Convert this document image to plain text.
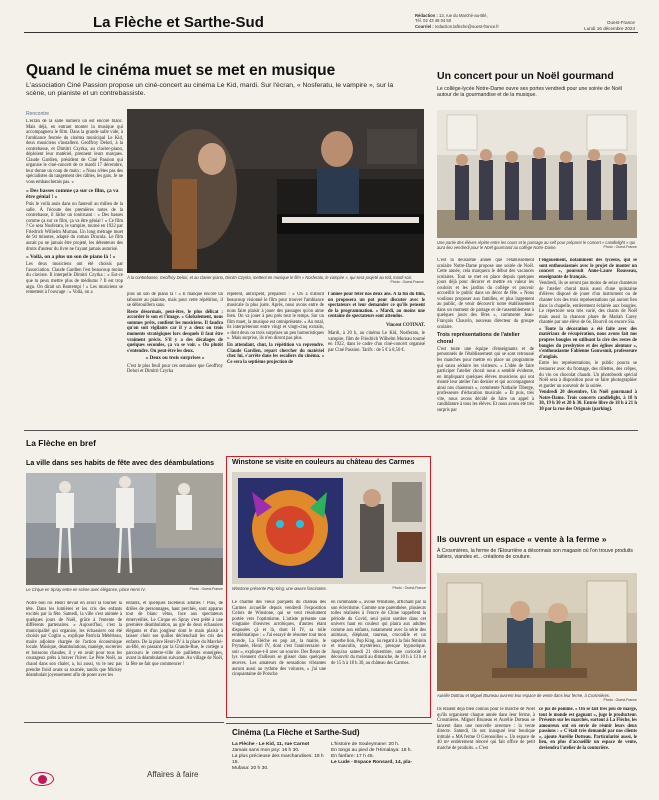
La Flèche et Sarthe-Sud	Rédaction : 13, rue du Marché-au-Blé,
Tél. 02 43 48 04 50
Courriel : redaction.lafleche@ouest-france.fr
Ouest-France
Lundi 16 décembre 2024
Quand le cinéma muet se met en musique
L'association Ciné Passion propose un ciné-concert au cinéma Le Kid, mardi. Sur l'écran, « Nosferatu, le vampire », sur la scène, un pianiste et un contrebassiste.
Rencontre

L'écran de la salle numéro un est encore blanc. Mais déjà, en entrant monter la musique qui accompagnera le film. Dans la grande salle vide, à l'ambiance feutrée du cinéma municipal Le Kid, deux musiciens s'installent. Geoffroy Delori, à la contrebasse, et Dimitri Czyrka, au clavier-piano, déploient leur matériel, prennent leurs marques. Claude Gardien, président de Ciné Passion qui organise le ciné-concert de ce mardi 17 décembre, leur donne un coup de main : « Nous n'étes pas des spécialistes du rangement des câbles, les gars. Je ne vous embaucherais pas. »

« Des basses comme ça sur ce film, ça va être génial ! »

Puis le voilà assis dans un fauteuil au milieu de la salle. À l'écoute des premières notes de la contrebasse, il lâche un tonitruant : « Des basses comme ça sur ce film, ça va être génial ! » Ce film ? Ce sera Nosferatu, le vampire, tourné en 1922 par Friedrich Wilhelm Murnau. Un long métrage muet de 94 minutes, adapté du roman Dracula. Le film aurait pu ne jamais être projeté, les détenteurs des droits d'auteur du livre ne l'ayant jamais autorisé.

« Voilà, on a plus un son de piano là ! »

Les deux musiciens ont été choisis par l'association. Claude Gardien l'est beaucoup moins du claviste. Il interpelle Dimitri Czyrka : « Est-ce que tu peux mettre plus de médiums ? Il est trop aigu. On dirait un Bontempi ! » Les musiciens se remettent à l'ouvrage : « Voilà, on a

À la contrebasse, Geoffroy Delori, et au clavier-piano, Dimitri Czyrka, mettent en musique le film « Nosferatu, le vampire », qui sera projeté au Kid, mardi soir.
Photo : Ouest-France

plus un son de piano là ! » Il manque encore un tabouret au pianiste, mais pour cette répétition, il se débrouillera sans.

Reste désormais, peut-être, le plus délicat : accorder le son et l'image. « Globalement, nous sommes prêts, confient les musiciens. Il faudra qu'on soit vigilants car il y a deux ou trois moments stratégiques lors desquels il faut être vraiment précis. S'il y a des décalages de quelques secondes, ça va se voir. » Ou plutôt s'entendre. Ou peut-être les deux.

« Deux ou trois surprises »

C'est le plus feuil pour ces semaines que Geoffroy Delori et Dimitri Czyrka

répètent, anticipent, préparent : « On a d'abord beaucoup visionné le film pour trouver l'ambiance musicale la plus juste. Après, nous avons entre de nous faire plaisir à jouer des passages qu'on aime bien. On va jouer à peu près tout le temps. Sur un film muet, la musique est omniprésente. » Au total, ils interpréteront entre vingt et vingt-cinq extraits, « dont deux ou trois surprises un peu humoristiques ». Mais surprise, ils n'en diront pas plus.

En attendant, chut, la répétition va reprendre. Claude Gardien, repart chercher du matériel chez lui, s'arrête dans les escaliers du cinéma. « Ce sera la septième projection de

l'année pour fêter nos deux ans. À la fin du film, on proposera un pot pour discuter avec le spectateurs et leur demander ce qu'ils pensent de la programmation. » Mardi, au moins une centaine de spectateurs sont attendus.

Vincent COTINAT.

Mardi, à 20 h, au cinéma Le Kid, Nosferatu, le vampire, film de Friedrich Wilhelm Murnau tourné en 1922, dans le cadre d'un ciné-concert organisé par Ciné Passion. Tarifs : de 5 € à 8,50 €.

Un concert pour un Noël gourmand
Le collège-lycée Notre-Dame ouvre ses portes vendredi pour une soirée de Noël autour de la gourmandise et de la musique.
Une partie des élèves répète entre les cours et le passage au self pour préparer le concert « candlelight » qui aura lieu vendredi pour le Noël gourmand au collège Notre-Dame.	Photo : Ouest-France

C'est la deuxième année que l'établissement scolaire Notre-Dame propose une soirée de Noël. Cette année, cela marquera le début des vacances scolaires. Tout se met en place depuis quelques jours déjà pour décorer et mettre en valeur les couloirs et les jardins du collège et pouvoir accueillir le public dans un décor de fête. « Nous voulions proposer aux familles, et plus largement au public, de venir découvrir notre établissement dans un moment de partage et de rassemblement à quelques jours des fêtes », commente Jean-François Chauvin, nouveau directeur du groupe scolaire.

Trois représentations de l'atelier choral

C'est toute une équipe d'enseignants et de personnels de l'établissement qui se sont retroussé les manches pour mettre en place un programme qui saura séduire les visiteurs. « L'idée de faire participer l'atelier choral nous a semblé évidente, en impliquant quelques élèves musiciens qui ont monté leur atelier l'an dernier et qui accompagnent ainsi nos chanteurs », commente Nathalie Tiberge, professeure d'éducation musicale. « Et puis, très vite, nous avons décidé de faire un appel à candidature à tous les élèves. Et nous avons été très surpris par

l'engouement, notamment des lycéens, qui se sont enthousiasmés avec le projet de monter un concert », poursuit Anne-Laure Rousseau, enseignante de français.

Vendredi, ils se seront pas moins de seize chanteurs de l'atelier choral mais aussi d'une quinzaine d'élèves disposé de jouer d'un instrument ou de chanter lors des trois représentations qui auront lieu dans la chapelle, entièrement éclairée aux bougies. Le répertoire sera très varié, des chants de Noël mais aussi la chanson phare de Mariah Carey chantée par une élève de 6e, Bourvil ou encore Sia.

« Toute la décoration a été faite avec des matériaux de récupération, nous avons fait nos propres bougies en utilisant la cire des restes de bougies du presbytère et des églises alentour », s'enthousiasme Fabienne Gouwsmit, professeure d'anglais.

Entre les représentations, le public pourra se restaurer avec du fromage, des rillettes, des crêpes, du vin ou chocolat chauds. Un photobooth spécial Noël sera à disposition pour se faire photographier et garder un souvenir de la soirée.

Vendredi 20 décembre, Un Noël gourmand à Notre-Dame. Trois concerts candlelight, à 18 h 30, 19 h 30 et 20 h 30. Entrée libre de 18 h à 21 h 30 par la rue des Orignais (parking).

La Flèche en bref
La ville dans ses habits de fête avec des déambulations
Le Cirque en Spray entre en scène avec élégance, place Henri IV.	Photo : Ouest-France
Notre bon roi Henri devait en avoir la tourner la tête. Dans les lumières et les cris des enfants excités par la fête. Samedi, la ville s'est animée à quelques jours de Noël, grâce à l'entente de différents partenaires. « Aujourd'hui, c'est la municipalité qui organise, les échassiers ont été choisis par Cogito », explique Patricia Métérieau, maire adjointe chargée de l'action économique locale. Musique, déambulations, manège, sucreries et boissons chaudes, il y en avait pour tous les courageux prêts à braver l'hiver. Le Père Noël, au chaud dans son chalet, a, lui aussi, vu le nez pas prendre froid avant sa tournée, tandis que Mickey déambulait joyeusement afin de poser avec les
enfants, et quelques facétieux adultes ! Puis, de drôles de personnages, haut perchés, sont apparus tout de blanc vêtus, face aux spectateurs émerveillés. Le Cirque en Spray s'est prêté à une première déambulation, au gré de deux échassiers élégants et d'un jongleur dont le main plaisir à laisser choir ses quilles déclenchait les cris des enfants. De la place Henri-IV à la place du Marché-au-Blé, en passant par la Grande-Rue, le cortège a parcouru le centre-ville de paillettes enneigées, avant la déambulation suivante. Au village de Noël, la fête ne fait que commencer !
Winstone se visite en couleurs au château des Carmes
Winstone présente Pop King, une œuvre fascinante.	Photo : Ouest-France
Le charme des vieux parquets du château des Carmes accueille depuis vendredi l'exposition Colors de Winstone, qui se veut résolument portée vers l'optimisme. L'artiste présente une vingtaine d'œuvres acrobiques, d'autres étant disposées çà et là, dont H IV, sa toile emblématique : « J'ai essayé de résumer tout mon monde, La Flèche en pop art, la mairie, le Prytanée, Henri IV, dont c'est l'anniversaire ce soir », explique-t-il avec un sourire. Des fleurs de lys viennent d'ailleurs se glisser dans quelques œuvres. Les amateurs de sensations vibrantes auront aussi au rythme des voitures, « j'ai une cinquantaine de Porsche
en commande », avoue Winstone, affichant par là son éclectisme. Comme une parenthèse, plusieurs toiles réalisées à l'encre de Chine rappellent la période du Covid, seul point sombre dans cet univers haut en couleur qui plaira aux adultes comme aux enfants, notamment avec la série des animaux, éléphant, taureau, crocodile et un superbe lion, Pop King, au regard à la fois féminin et masculin, mystérieux, presque hypnotique. Jusqu'au samedi 21 décembre, une curiosité à découvrir du mardi au dimanche, de 10 h à 13 h et de 15 h à 18 h 30, au château des Carmes.
Ils ouvrent un espace « vente à la ferme »
À Crosmières, la ferme de l'Etourrière a désormais son magasin où l'on trouve produits laitiers, viandes et... créations de couture.
Aurélie Dottrau et Miguel Bruneau ouvrent leur espace de vente dans leur ferme, à Crosmières.
Photo : Ouest-France
Ils étaient déjà bien connus pour le marché de Noël qu'ils organisent chaque année dans leur ferme, à Crosmières. Miguel Bruneau et Aurélie Dotteau se lancent dans une nouvelle aventure : la vente directe. Samedi, ils ont inauguré leur boutique intitulé « MA ferme O Grenouilles ». Un espace de 40 m² entièrement rénové qui fait office de petit marché de produits. « C'est
ce jus de pomme. « On se fait très peu de marge, tout le monde est gagnant », juge le producteur. Présents sur les marchés, surtout à La Flèche, les amoureux ont en envie de réunir leurs deux passions : « C'était très demandé par nos clients », ajoute Aurélie Dotteau. Particularité aussi, le lieu, en plus d'accueillir un espace de vente, deviendra l'atelier de la couturière.
Cinéma (La Flèche et Sarthe-Sud)
La Flèche - Le Kid, 11, rue Carnot
Jamais sans mon psy: 16 h 30.
La plus précieuse des marchandises: 18 h 15.
Mufasa: 20 h 30.
L'histoire de Souleymane: 20 h.
En tongs au pied de l'Himalaya: 18 h.
En fanfare: 17 h 45.
Le Lude - Espace Ronsard, 14, pla-
Affaires à faire
